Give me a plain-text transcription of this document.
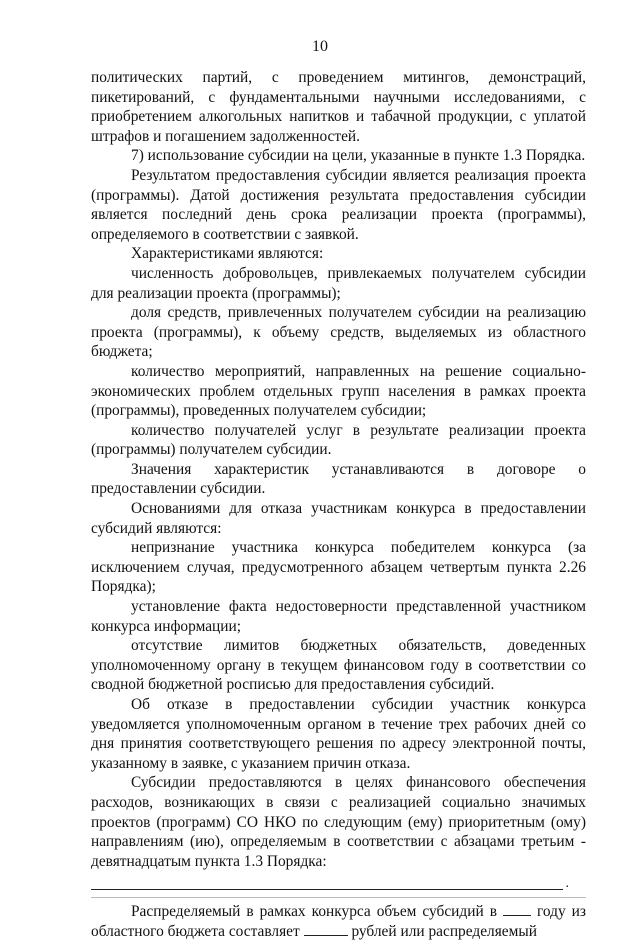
10

политических партий, с проведением митингов, демонстраций, пикетирований, с фундаментальными научными исследованиями, с приобретением алкогольных напитков и табачной продукции, с уплатой штрафов и погашением задолженностей.

7) использование субсидии на цели, указанные в пункте 1.3 Порядка.

Результатом предоставления субсидии является реализация проекта (программы). Датой достижения результата предоставления субсидии является последний день срока реализации проекта (программы), определяемого в соответствии с заявкой.

Характеристиками являются:

численность добровольцев, привлекаемых получателем субсидии для реализации проекта (программы);

доля средств, привлеченных получателем субсидии на реализацию проекта (программы), к объему средств, выделяемых из областного бюджета;

количество мероприятий, направленных на решение социально-экономических проблем отдельных групп населения в рамках проекта (программы), проведенных получателем субсидии;

количество получателей услуг в результате реализации проекта (программы) получателем субсидии.

Значения характеристик устанавливаются в договоре о предоставлении субсидии.

Основаниями для отказа участникам конкурса в предоставлении субсидий являются:

непризнание участника конкурса победителем конкурса (за исключением случая, предусмотренного абзацем четвертым пункта 2.26 Порядка);

установление факта недостоверности представленной участником конкурса информации;

отсутствие лимитов бюджетных обязательств, доведенных уполномоченному органу в текущем финансовом году в соответствии со сводной бюджетной росписью для предоставления субсидий.

Об отказе в предоставлении субсидии участник конкурса уведомляется уполномоченным органом в течение трех рабочих дней со дня принятия соответствующего решения по адресу электронной почты, указанному в заявке, с указанием причин отказа.

Субсидии предоставляются в целях финансового обеспечения расходов, возникающих в связи с реализацией социально значимых проектов (программ) СО НКО по следующим (ему) приоритетным (ому) направлениям (ию), определяемым в соответствии с абзацами третьим - девятнадцатым пункта 1.3 Порядка:

.

Распределяемый в рамках конкурса объем субсидий в	году из областного бюджета составляет	рублей или распределяемый
